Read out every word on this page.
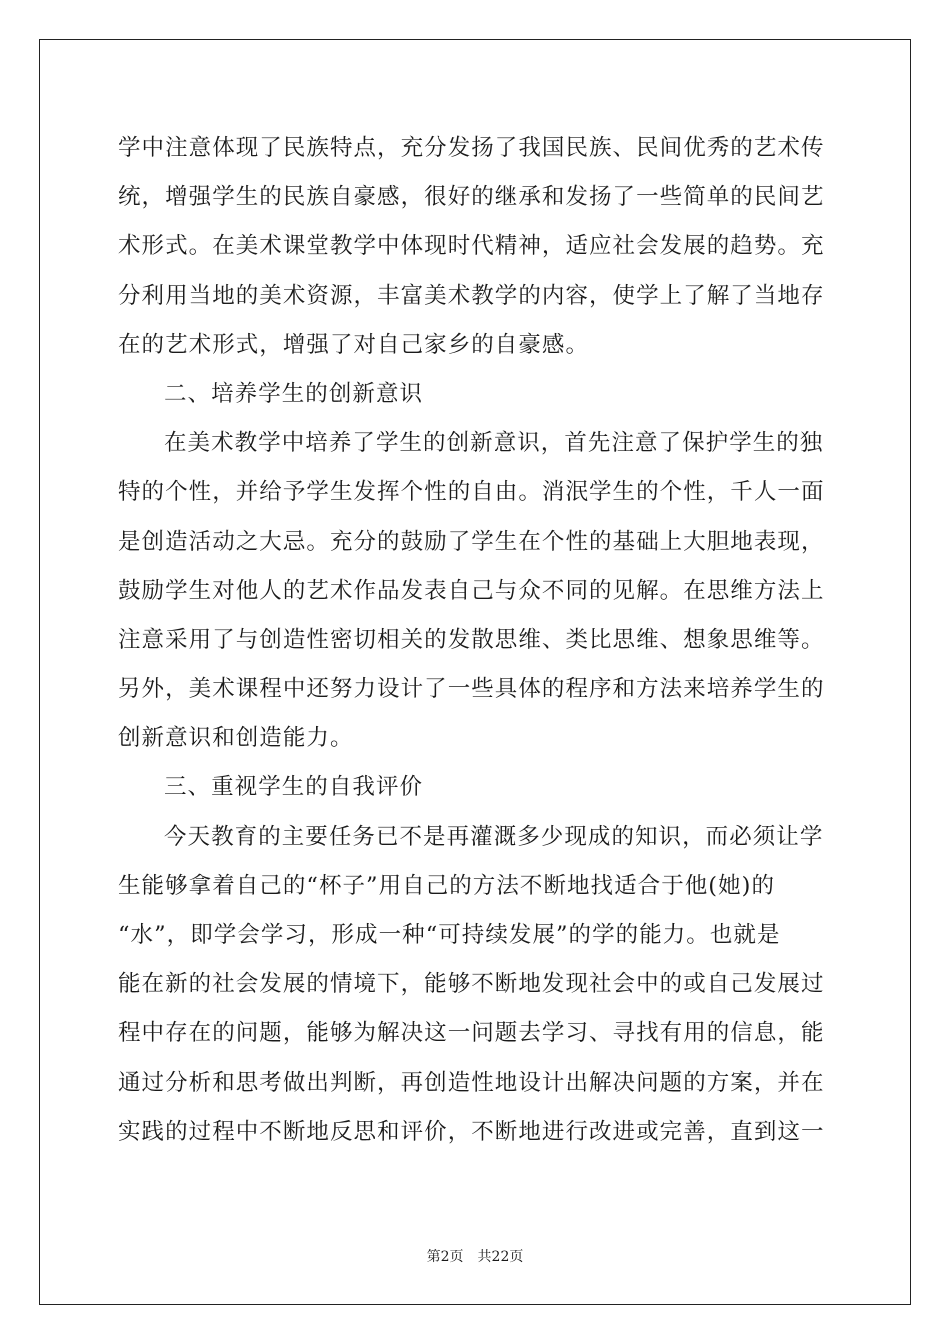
学中注意体现了民族特点，充分发扬了我国民族、民间优秀的艺术传
统，增强学生的民族自豪感，很好的继承和发扬了一些简单的民间艺
术形式。在美术课堂教学中体现时代精神，适应社会发展的趋势。充
分利用当地的美术资源，丰富美术教学的内容，使学上了解了当地存
在的艺术形式，增强了对自己家乡的自豪感。
二、培养学生的创新意识
在美术教学中培养了学生的创新意识，首先注意了保护学生的独
特的个性，并给予学生发挥个性的自由。消泯学生的个性，千人一面
是创造活动之大忌。充分的鼓励了学生在个性的基础上大胆地表现，
鼓励学生对他人的艺术作品发表自己与众不同的见解。在思维方法上
注意采用了与创造性密切相关的发散思维、类比思维、想象思维等。
另外，美术课程中还努力设计了一些具体的程序和方法来培养学生的
创新意识和创造能力。
三、重视学生的自我评价
今天教育的主要任务已不是再灌溉多少现成的知识，而必须让学
生能够拿着自己的“杯子”用自己的方法不断地找适合于他(她)的
“水”，即学会学习，形成一种“可持续发展”的学的能力。也就是
能在新的社会发展的情境下，能够不断地发现社会中的或自己发展过
程中存在的问题，能够为解决这一问题去学习、寻找有用的信息，能
通过分析和思考做出判断，再创造性地设计出解决问题的方案，并在
实践的过程中不断地反思和评价，不断地进行改进或完善，直到这一
第2页　共22页
